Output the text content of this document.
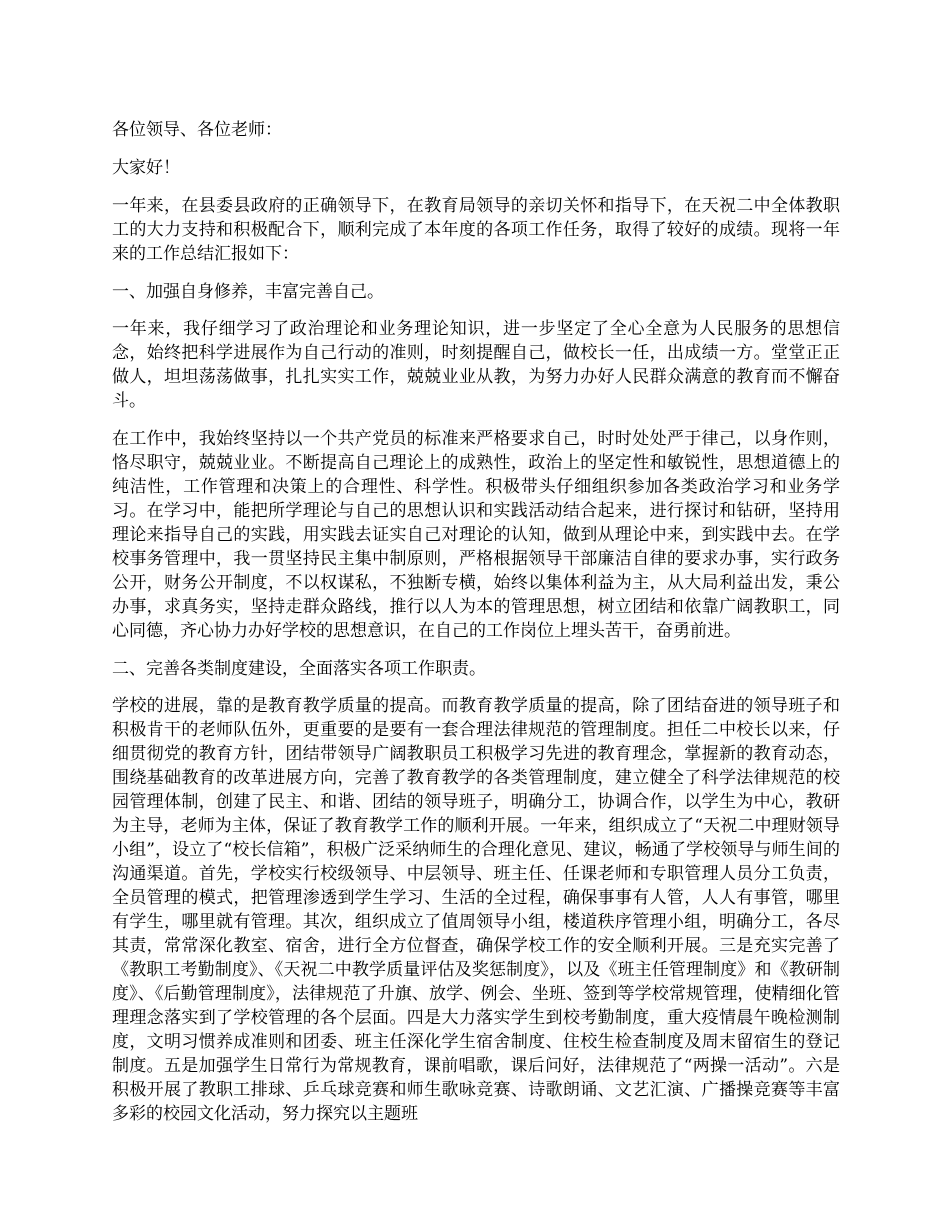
各位领导、各位老师：

大家好！

一年来，在县委县政府的正确领导下，在教育局领导的亲切关怀和指导下，在天祝二中全体教职工的大力支持和积极配合下，顺利完成了本年度的各项工作任务，取得了较好的成绩。现将一年来的工作总结汇报如下：

一、加强自身修养，丰富完善自己。

一年来，我仔细学习了政治理论和业务理论知识，进一步坚定了全心全意为人民服务的思想信念，始终把科学进展作为自己行动的准则，时刻提醒自己，做校长一任，出成绩一方。堂堂正正做人，坦坦荡荡做事，扎扎实实工作，兢兢业业从教，为努力办好人民群众满意的教育而不懈奋斗。

在工作中，我始终坚持以一个共产党员的标准来严格要求自己，时时处处严于律己，以身作则，恪尽职守，兢兢业业。不断提高自己理论上的成熟性，政治上的坚定性和敏锐性，思想道德上的纯洁性，工作管理和决策上的合理性、科学性。积极带头仔细组织参加各类政治学习和业务学习。在学习中，能把所学理论与自己的思想认识和实践活动结合起来，进行探讨和钻研，坚持用理论来指导自己的实践，用实践去证实自己对理论的认知，做到从理论中来，到实践中去。在学校事务管理中，我一贯坚持民主集中制原则，严格根据领导干部廉洁自律的要求办事，实行政务公开，财务公开制度，不以权谋私，不独断专横，始终以集体利益为主，从大局利益出发，秉公办事，求真务实，坚持走群众路线，推行以人为本的管理思想，树立团结和依靠广阔教职工，同心同德，齐心协力办好学校的思想意识，在自己的工作岗位上埋头苦干，奋勇前进。

二、完善各类制度建设，全面落实各项工作职责。

学校的进展，靠的是教育教学质量的提高。而教育教学质量的提高，除了团结奋进的领导班子和积极肯干的老师队伍外，更重要的是要有一套合理法律规范的管理制度。担任二中校长以来，仔细贯彻党的教育方针，团结带领导广阔教职员工积极学习先进的教育理念，掌握新的教育动态，围绕基础教育的改革进展方向，完善了教育教学的各类管理制度，建立健全了科学法律规范的校园管理体制，创建了民主、和谐、团结的领导班子，明确分工，协调合作，以学生为中心，教研为主导，老师为主体，保证了教育教学工作的顺利开展。一年来，组织成立了“天祝二中理财领导小组”，设立了“校长信箱”，积极广泛采纳师生的合理化意见、建议，畅通了学校领导与师生间的沟通渠道。首先，学校实行校级领导、中层领导、班主任、任课老师和专职管理人员分工负责，全员管理的模式，把管理渗透到学生学习、生活的全过程，确保事事有人管，人人有事管，哪里有学生，哪里就有管理。其次，组织成立了值周领导小组，楼道秩序管理小组，明确分工，各尽其责，常常深化教室、宿舍，进行全方位督查，确保学校工作的安全顺利开展。三是充实完善了《教职工考勤制度》、《天祝二中教学质量评估及奖惩制度》，以及《班主任管理制度》和《教研制度》、《后勤管理制度》，法律规范了升旗、放学、例会、坐班、签到等学校常规管理，使精细化管理理念落实到了学校管理的各个层面。四是大力落实学生到校考勤制度，重大疫情晨午晚检测制度，文明习惯养成准则和团委、班主任深化学生宿舍制度、住校生检查制度及周末留宿生的登记制度。五是加强学生日常行为常规教育，课前唱歌，课后问好，法律规范了“两操一活动”。六是积极开展了教职工排球、乒乓球竞赛和师生歌咏竞赛、诗歌朗诵、文艺汇演、广播操竞赛等丰富多彩的校园文化活动，努力探究以主题班
